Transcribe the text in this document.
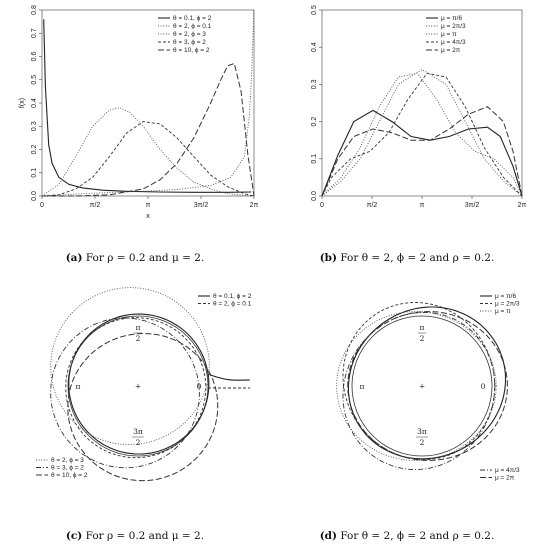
0	π/2	π	3π/2	2π
0.0
0.1
0.2
0.3
0.4
0.5
0.6
0.7
0.8
x
f(x)
θ = 0.1, ϕ = 2
θ = 2, ϕ = 0.1
θ = 2, ϕ = 3
θ = 3, ϕ = 2
θ = 10, ϕ = 2
0	π/2	π	3π/2	2π
0.0
0.1
0.2
0.3
0.4
0.5
μ = π/6
μ = 2π/3
μ = π
μ = 4π/3
μ = 2π
+
π
2
π	0
3π
2
θ = 0.1, ϕ = 2
θ = 2, ϕ = 0.1
θ = 2, ϕ = 3
θ = 3, ϕ = 2
θ = 10, ϕ = 2
+
π
2
π	0
3π
2
μ = π/6
μ = 2π/3
μ = π
μ = 4π/3
μ = 2π
(a) For ρ = 0.2 and μ = 2.	(b) For θ = 2, ϕ = 2 and ρ = 0.2.
(c) For ρ = 0.2 and μ = 2.	(d) For θ = 2, ϕ = 2 and ρ = 0.2.
